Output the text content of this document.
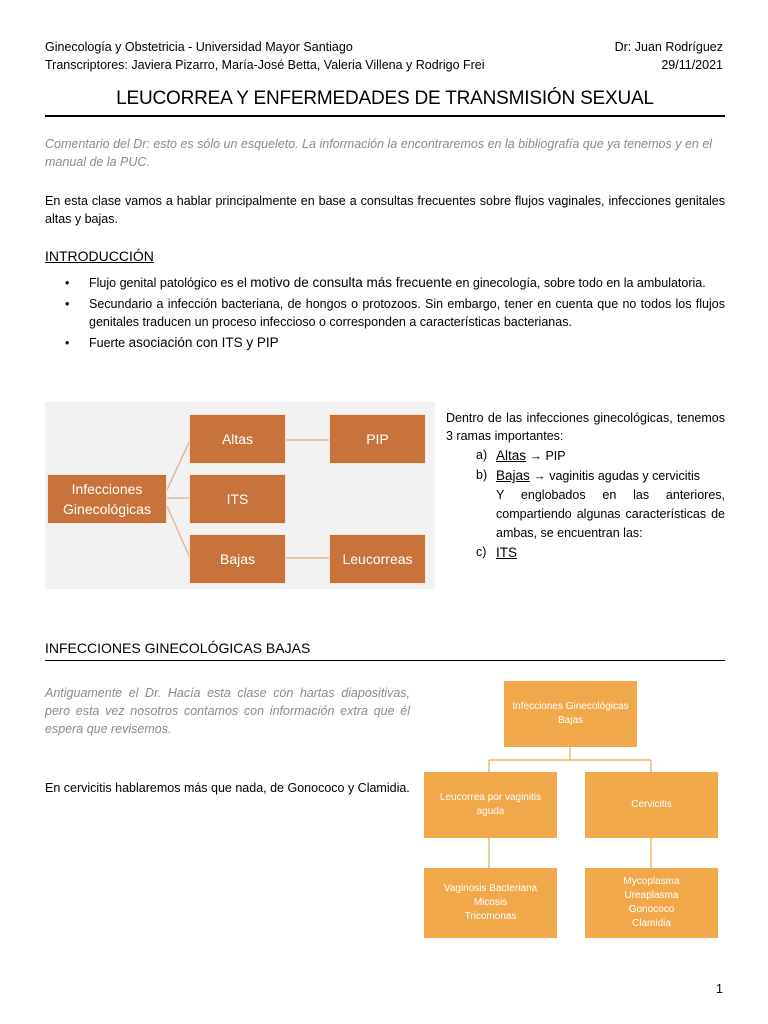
Ginecología y Obstetricia - Universidad Mayor Santiago
Transcriptores: Javiera Pizarro, María-José Betta, Valeria Villena y Rodrigo Frei
Dr: Juan Rodríguez
29/11/2021
LEUCORREA Y ENFERMEDADES DE TRANSMISIÓN SEXUAL
Comentario del Dr: esto es sólo un esqueleto. La información la encontraremos en la bibliografía que ya tenemos y en el manual de la PUC.
En esta clase vamos a hablar principalmente en base a consultas frecuentes sobre flujos vaginales, infecciones genitales altas y bajas.
INTRODUCCIÓN
• Flujo genital patológico es el motivo de consulta más frecuente en ginecología, sobre todo en la ambulatoria.
• Secundario a infección bacteriana, de hongos o protozoos. Sin embargo, tener en cuenta que no todos los flujos genitales traducen un proceso infeccioso o corresponden a características bacterianas.
• Fuerte asociación con ITS y PIP
Infecciones Ginecológicas
Altas
ITS
Bajas
PIP
Leucorreas
Dentro de las infecciones ginecológicas, tenemos 3 ramas importantes:
a) Altas → PIP
b) Bajas → vaginitis agudas y cervicitis
Y englobados en las anteriores, compartiendo algunas características de ambas, se encuentran las:
c) ITS
INFECCIONES GINECOLÓGICAS BAJAS
Antiguamente el Dr. Hacía esta clase con hartas diapositivas, pero esta vez nosotros contamos con información extra que él espera que revisemos.
En cervicitis hablaremos más que nada, de Gonococo y Clamidia.
Infecciones Ginecológicas Bajas
Leucorrea por vaginitis aguda
Cervicitis
Vaginosis Bacteriana
Micosis
Tricomonas
Mycoplasma
Ureaplasma
Gonococo
Clamidia
1
